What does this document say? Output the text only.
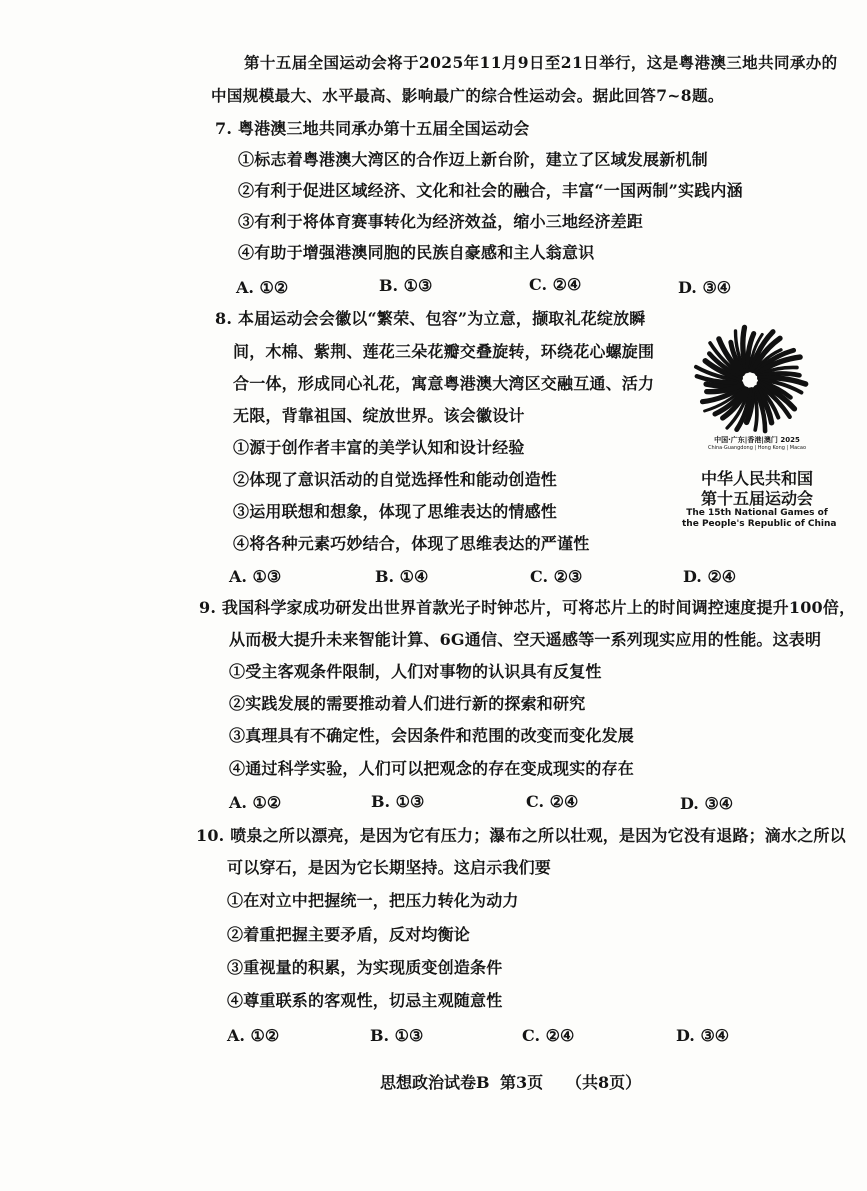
第十五届全国运动会将于2025年11月9日至21日举行，这是粤港澳三地共同承办的
中国规模最大、水平最高、影响最广的综合性运动会。据此回答7~8题。
7. 粤港澳三地共同承办第十五届全国运动会
①标志着粤港澳大湾区的合作迈上新台阶，建立了区域发展新机制
②有利于促进区域经济、文化和社会的融合，丰富“一国两制”实践内涵
③有利于将体育赛事转化为经济效益，缩小三地经济差距
④有助于增强港澳同胞的民族自豪感和主人翁意识
A. ①②	B. ①③	C. ②④	D. ③④
8. 本届运动会会徽以“繁荣、包容”为立意，撷取礼花绽放瞬
间，木棉、紫荆、莲花三朵花瓣交叠旋转，环绕花心螺旋围
合一体，形成同心礼花，寓意粤港澳大湾区交融互通、活力
无限，背靠祖国、绽放世界。该会徽设计
①源于创作者丰富的美学认知和设计经验
②体现了意识活动的自觉选择性和能动创造性
③运用联想和想象，体现了思维表达的情感性
④将各种元素巧妙结合，体现了思维表达的严谨性
A. ①③	B. ①④	C. ②③	D. ②④
中国·广东|香港|澳门 2025
China·Guangdong | Hong Kong | Macao
中华人民共和国
第十五届运动会
The 15th National Games of
the People's Republic of China
9. 我国科学家成功研发出世界首款光子时钟芯片，可将芯片上的时间调控速度提升100倍，
从而极大提升未来智能计算、6G通信、空天遥感等一系列现实应用的性能。这表明
①受主客观条件限制，人们对事物的认识具有反复性
②实践发展的需要推动着人们进行新的探索和研究
③真理具有不确定性，会因条件和范围的改变而变化发展
④通过科学实验，人们可以把观念的存在变成现实的存在
A. ①②	B. ①③	C. ②④	D. ③④
10. 喷泉之所以漂亮，是因为它有压力；瀑布之所以壮观，是因为它没有退路；滴水之所以
可以穿石，是因为它长期坚持。这启示我们要
①在对立中把握统一，把压力转化为动力
②着重把握主要矛盾，反对均衡论
③重视量的积累，为实现质变创造条件
④尊重联系的客观性，切忌主观随意性
A. ①②	B. ①③	C. ②④	D. ③④
思想政治试卷B 第3页 （共8页）
